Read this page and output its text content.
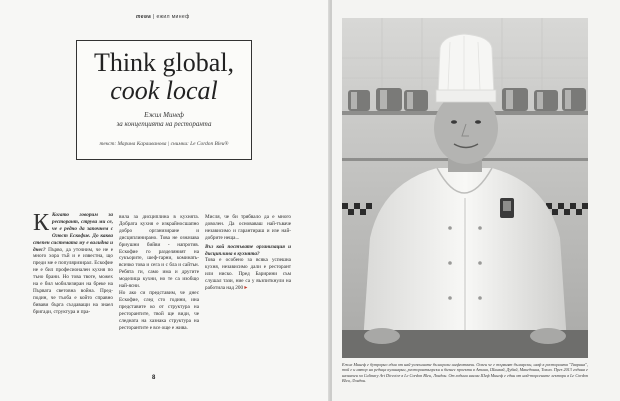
тема | ежил минеф
Think global,
cook local
Ежил Минеф
за концепцията на ресторанта
текст: Марина Караиванова | снимки: Le Cordon Bleu®
К Когато говорим за ресторант, струва ми се, че е редно да започнем с Огюст Ескофие. До каква степен системата му е валидна и днес? Първо, да уточним, че не е много хора тъй и е известна, що преди ме е популяризирал. Ескофие не е бил професионален кухня по тъно брани. Но това твоте, можех на е бил мобилизиран на бреке на Първата световна война. Пред- подин, че тъоба е който справно бивави бърга създаващи на знаел бригади, структура и пра-
вила за дисциплина в кухнята. Добрата кухня е изкрайносшапно добро организиране и дисциплинирано. Това не означава бриушни бийви - напротив. Ескофие го разделяният на сукъорите, шеф-гарни, коминать- всичко това и сега и с бла и сайтън. Ребята ги, само има и другите моделица кухни, но те са изобщо най-ясни.
Но ако си представим, че днес Ескофие, след сто години, ина представите ко от структура на ресторантите, твой ще види, че следната на хазнака структура на ресторантите е все още е жива.
Мисля, че би трябвало да е много доволен. Да основаваш най-тъваче независимо и гарантираш и изе най-добрите неща...
Въз кой постъвате организация и дисциплина в кухнята?
Това е особено за всяка успешна кухня, независимо дали е ресторант или ниско. Пред Баририни съм слушал тази, ние са у възпиткнули на работила над 200 ▸
8
Ежил Минеф е бутрорно един от най-успешните български шефготвачи. Освен че е тървият български, шеф в ресторанта "Таврина", той е и автор на редица кулинарни, ресторантьорски и бизнес проекти в Атина, Шанхай, Дубай, Македония, Токио. През 2013 година е назначен за Culinary Art Director в Le Cordon Bleu, Лондон. От години насам Шеф Минеф е един от най-търсените лектори в Le Cordon Bleu, Лондон.
